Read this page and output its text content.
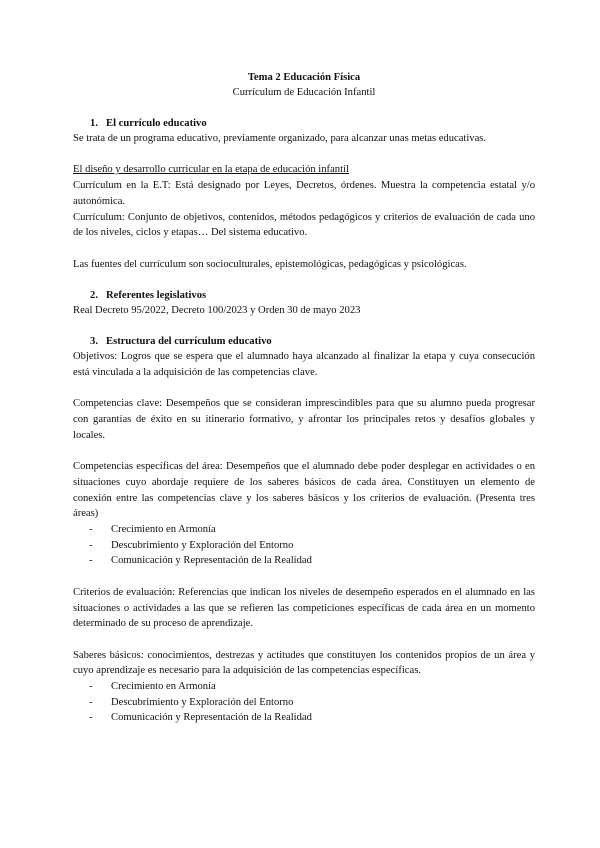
Tema 2 Educación Física
Currículum de Educación Infantil
1. El currículo educativo

Se trata de un programa educativo, previamente organizado, para alcanzar unas metas educativas.

El diseño y desarrollo curricular en la etapa de educación infantil

Currículum en la E.T: Está designado por Leyes, Decretos, órdenes. Muestra la competencia estatal y/o autonómica.

Currículum: Conjunto de objetivos, contenidos, métodos pedagógicos y criterios de evaluación de cada uno de los niveles, ciclos y etapas… Del sistema educativo.

Las fuentes del currículum son socioculturales, epistemológicas, pedagógicas y psicológicas.

2. Referentes legislativos

Real Decreto 95/2022, Decreto 100/2023 y Orden 30 de mayo 2023

3. Estructura del currículum educativo

Objetivos: Logros que se espera que el alumnado haya alcanzado al finalizar la etapa y cuya consecución está vinculada a la adquisición de las competencias clave.

Competencias clave: Desempeños que se consideran imprescindibles para que su alumno pueda progresar con garantías de éxito en su itinerario formativo, y afrontar los principales retos y desafíos globales y locales.

Competencias específicas del área: Desempeños que el alumnado debe poder desplegar en actividades o en situaciones cuyo abordaje requiere de los saberes básicos de cada área. Constituyen un elemento de conexión entre las competencias clave y los saberes básicos y los criterios de evaluación. (Presenta tres áreas)

-	Crecimiento en Armonía
-	Descubrimiento y Exploración del Entorno
-	Comunicación y Representación de la Realidad

Criterios de evaluación: Referencias que indican los niveles de desempeño esperados en el alumnado en las situaciones o actividades a las que se refieren las competiciones específicas de cada área en un momento determinado de su proceso de aprendizaje.

Saberes básicos: conocimientos, destrezas y actitudes que constituyen los contenidos propios de un área y cuyo aprendizaje es necesario para la adquisición de las competencias específicas.

-	Crecimiento en Armonía
-	Descubrimiento y Exploración del Entorno
-	Comunicación y Representación de la Realidad
